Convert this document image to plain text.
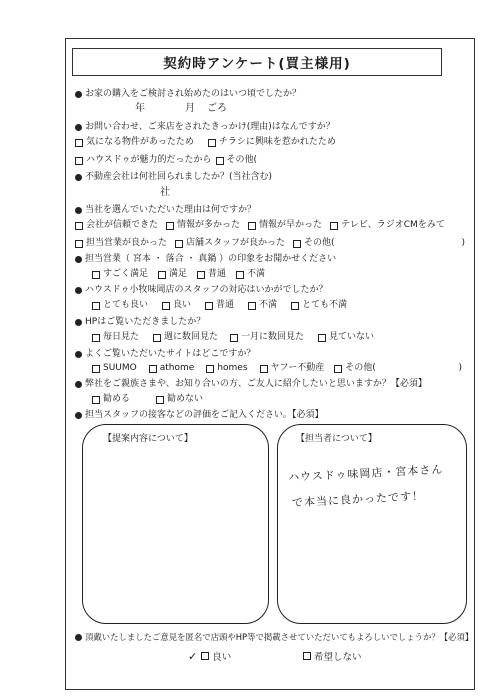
契約時アンケート(買主様用)
お家の購入をご検討され始めたのはいつ頃でしたか？
年	月 ごろ
お問い合わせ、ご来店をされたきっかけ(理由)はなんですか？
気になる物件があったため	チラシに興味を惹かれたため
ハウスドゥが魅力的だったから その他(
不動産会社は何社回られましたか？(当社含む)
社
当社を選んでいただいた理由は何ですか？
会社が信頼できた 情報が多かった 情報が早かった テレビ、ラジオCMをみて
担当営業が良かった 店舗スタッフが良かった その他(	)
担当営業（ 宮本 ・ 落合 ・ 真鍋 ）の印象をお聞かせください
すごく満足 満足 普通 不満
ハウスドゥ小牧味岡店のスタッフの対応はいかがでしたか？
とても良い	良い	普通	不満	とても不満
HPはご覧いただきましたか？
毎日見た	週に数回見た	一月に数回見た	見ていない
よくご覧いただいたサイトはどこですか？
SUUMO	athome	homes	ヤフー不動産 その他(	)
弊社をご親族さまや、お知り合いの方、ご友人に紹介したいと思いますか？【必須】
勧める	勧めない
担当スタッフの接客などの評価をご記入ください。【必須】
【提案内容について】	【担当者について】
ハウスドゥ味岡店・宮本さん
で本当に良かったです！
頂戴いたしましたご意見を匿名で店頭やHP等で掲載させていただいてもよろしいでしょうか？【必須】
✓ 良い	希望しない
